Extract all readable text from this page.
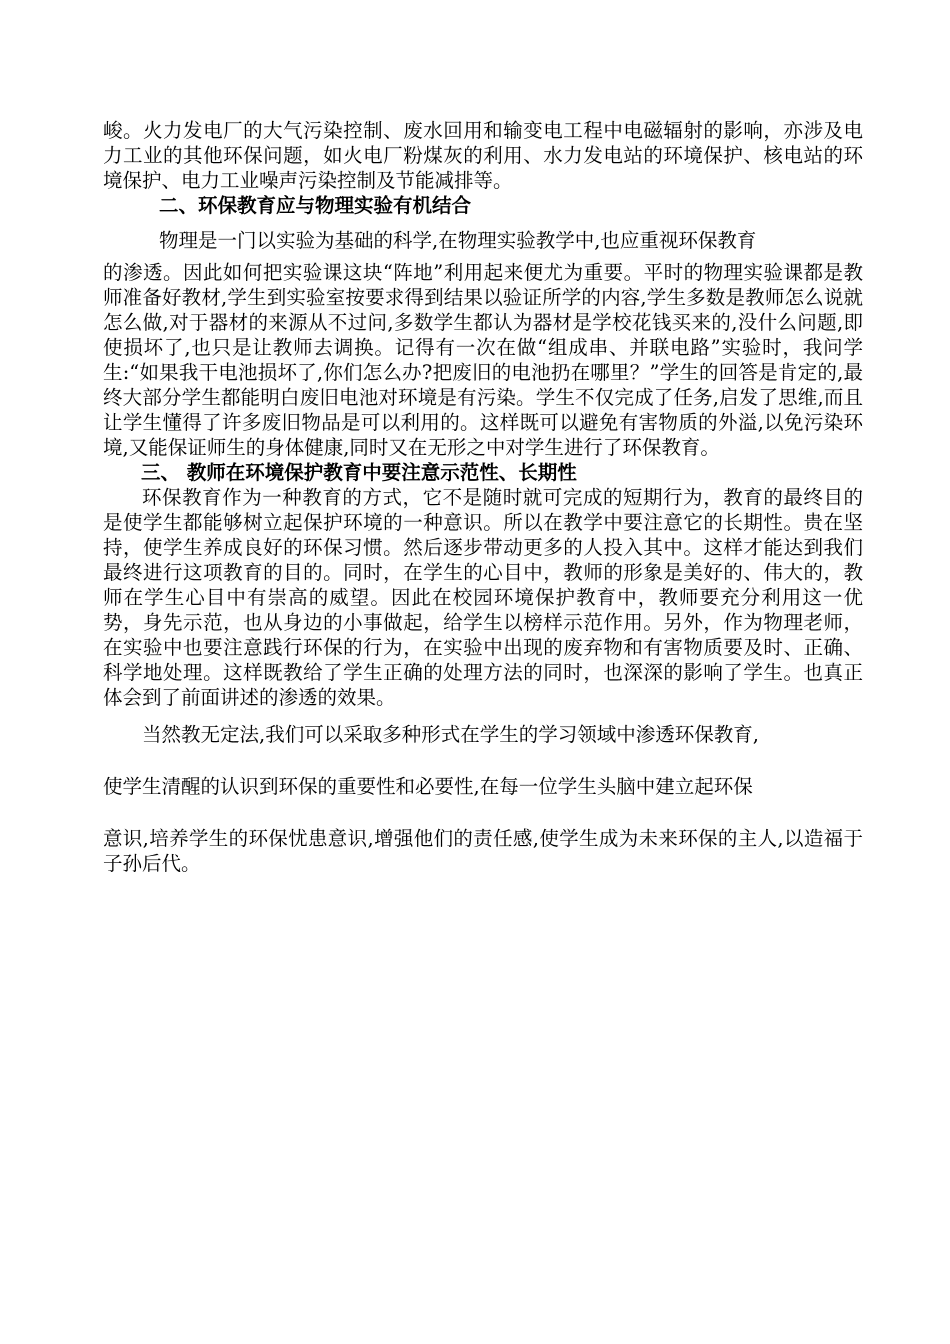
峻。火力发电厂的大气污染控制、废水回用和输变电工程中电磁辐射的影响，亦涉及电力工业的其他环保问题，如火电厂粉煤灰的利用、水力发电站的环境保护、核电站的环境保护、电力工业噪声污染控制及节能减排等。

二、环保教育应与物理实验有机结合

物理是一门以实验为基础的科学,在物理实验教学中,也应重视环保教育

的渗透。因此如何把实验课这块“阵地”利用起来便尤为重要。平时的物理实验课都是教师准备好教材,学生到实验室按要求得到结果以验证所学的内容,学生多数是教师怎么说就怎么做,对于器材的来源从不过问,多数学生都认为器材是学校花钱买来的,没什么问题,即使损坏了,也只是让教师去调换。记得有一次在做“组成串、并联电路”实验时，我问学生:“如果我干电池损坏了,你们怎么办?把废旧的电池扔在哪里？”学生的回答是肯定的,最终大部分学生都能明白废旧电池对环境是有污染。学生不仅完成了任务,启发了思维,而且让学生懂得了许多废旧物品是可以利用的。这样既可以避免有害物质的外溢,以免污染环境,又能保证师生的身体健康,同时又在无形之中对学生进行了环保教育。

三、 教师在环境保护教育中要注意示范性、长期性

环保教育作为一种教育的方式，它不是随时就可完成的短期行为，教育的最终目的是使学生都能够树立起保护环境的一种意识。所以在教学中要注意它的长期性。贵在坚持，使学生养成良好的环保习惯。然后逐步带动更多的人投入其中。这样才能达到我们最终进行这项教育的目的。同时，在学生的心目中，教师的形象是美好的、伟大的，教师在学生心目中有崇高的威望。因此在校园环境保护教育中，教师要充分利用这一优势，身先示范，也从身边的小事做起，给学生以榜样示范作用。另外，作为物理老师，在实验中也要注意践行环保的行为，在实验中出现的废弃物和有害物质要及时、正确、科学地处理。这样既教给了学生正确的处理方法的同时，也深深的影响了学生。也真正体会到了前面讲述的渗透的效果。

当然教无定法,我们可以采取多种形式在学生的学习领域中渗透环保教育,
使学生清醒的认识到环保的重要性和必要性,在每一位学生头脑中建立起环保
意识,培养学生的环保忧患意识,增强他们的责任感,使学生成为未来环保的主人,以造福于子孙后代。
